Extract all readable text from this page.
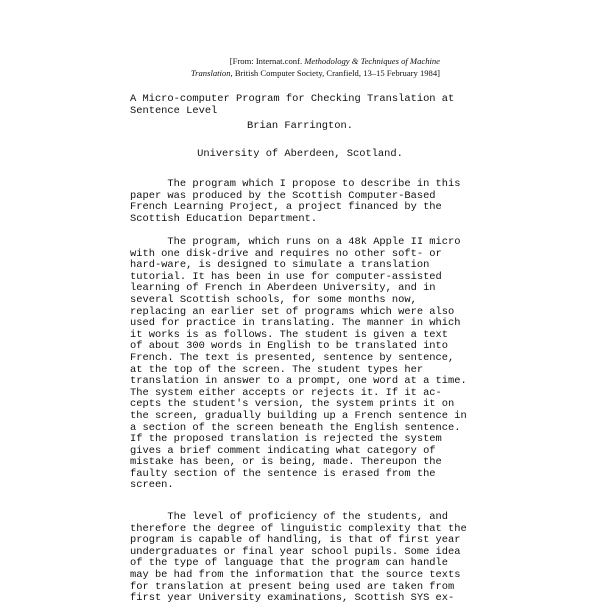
[From: Internat.conf. Methodology & Techniques of Machine
Translation, British Computer Society, Cranfield, 13–15 February 1984]
A Micro-computer Program for Checking Translation at
Sentence Level
Brian Farrington.
University of Aberdeen, Scotland.
The program which I propose to describe in this
paper was produced by the Scottish Computer-Based
French Learning Project, a project financed by the
Scottish Education Department.
The program, which runs on a 48k Apple II micro
with one disk-drive and requires no other soft- or
hard-ware, is designed to simulate a translation
tutorial. It has been in use for computer-assisted
learning of French in Aberdeen University, and in
several Scottish schools, for some months now,
replacing an earlier set of programs which were also
used for practice in translating. The manner in which
it works is as follows. The student is given a text
of about 300 words in English to be translated into
French. The text is presented, sentence by sentence,
at the top of the screen. The student types her
translation in answer to a prompt, one word at a time.
The system either accepts or rejects it. If it ac-
cepts the student's version, the system prints it on
the screen, gradually building up a French sentence in
a section of the screen beneath the English sentence.
If the proposed translation is rejected the system
gives a brief comment indicating what category of
mistake has been, or is being, made. Thereupon the
faulty section of the sentence is erased from the
screen.
The level of proficiency of the students, and
therefore the degree of linguistic complexity that the
program is capable of handling, is that of first year
undergraduates or final year school pupils. Some idea
of the type of language that the program can handle
may be had from the information that the source texts
for translation at present being used are taken from
first year University examinations, Scottish SYS ex-
